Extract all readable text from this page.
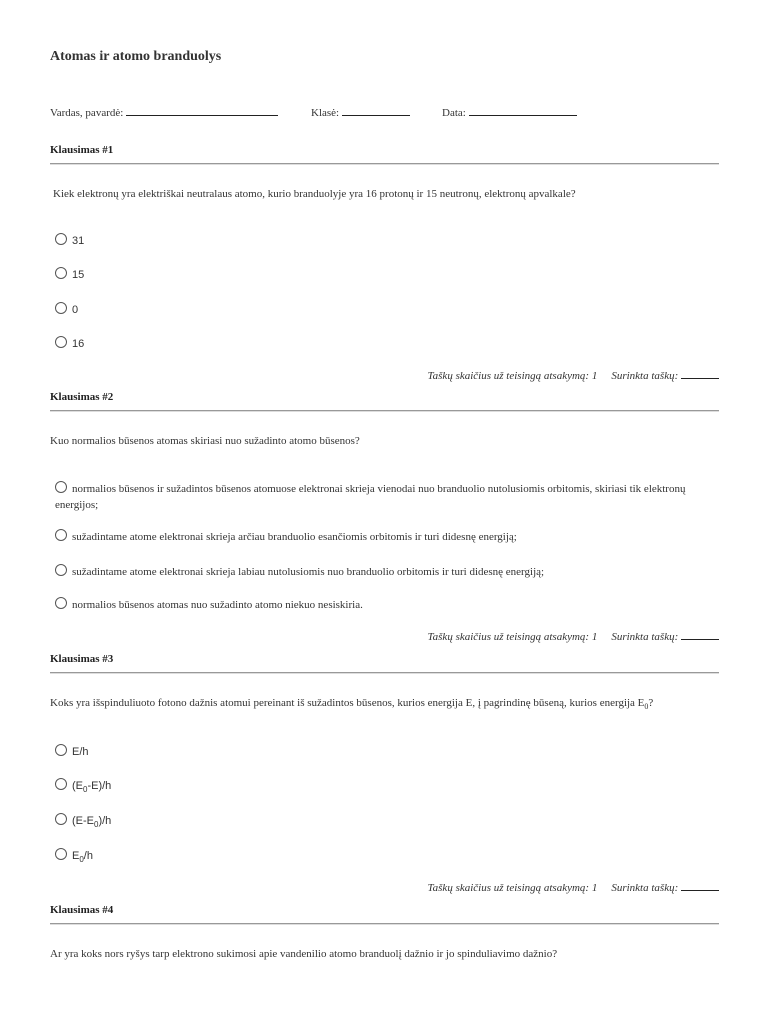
Atomas ir atomo branduolys
Vardas, pavardė:	Klasė:	Data:
Klausimas #1
Kiek elektronų yra elektriškai neutralaus atomo, kurio branduolyje yra 16 protonų ir 15 neutronų, elektronų apvalkale?
31
15
0
16
Taškų skaičius už teisingą atsakymą: 1 Surinkta taškų:
Klausimas #2
Kuo normalios būsenos atomas skiriasi nuo sužadinto atomo būsenos?
normalios būsenos ir sužadintos būsenos atomuose elektronai skrieja vienodai nuo branduolio nutolusiomis orbitomis, skiriasi tik elektronų energijos;
sužadintame atome elektronai skrieja arčiau branduolio esančiomis orbitomis ir turi didesnę energiją;
sužadintame atome elektronai skrieja labiau nutolusiomis nuo branduolio orbitomis ir turi didesnę energiją;
normalios būsenos atomas nuo sužadinto atomo niekuo nesiskiria.
Taškų skaičius už teisingą atsakymą: 1 Surinkta taškų:
Klausimas #3
Koks yra išspinduliuoto fotono dažnis atomui pereinant iš sužadintos būsenos, kurios energija E, į pagrindinę būseną, kurios energija $E_0$?
E/h
$(E_0-E)/h$
$(E-E_0)/h$
$E_0/h$
Taškų skaičius už teisingą atsakymą: 1 Surinkta taškų:
Klausimas #4
Ar yra koks nors ryšys tarp elektrono sukimosi apie vandenilio atomo branduolį dažnio ir jo spinduliavimo dažnio?
